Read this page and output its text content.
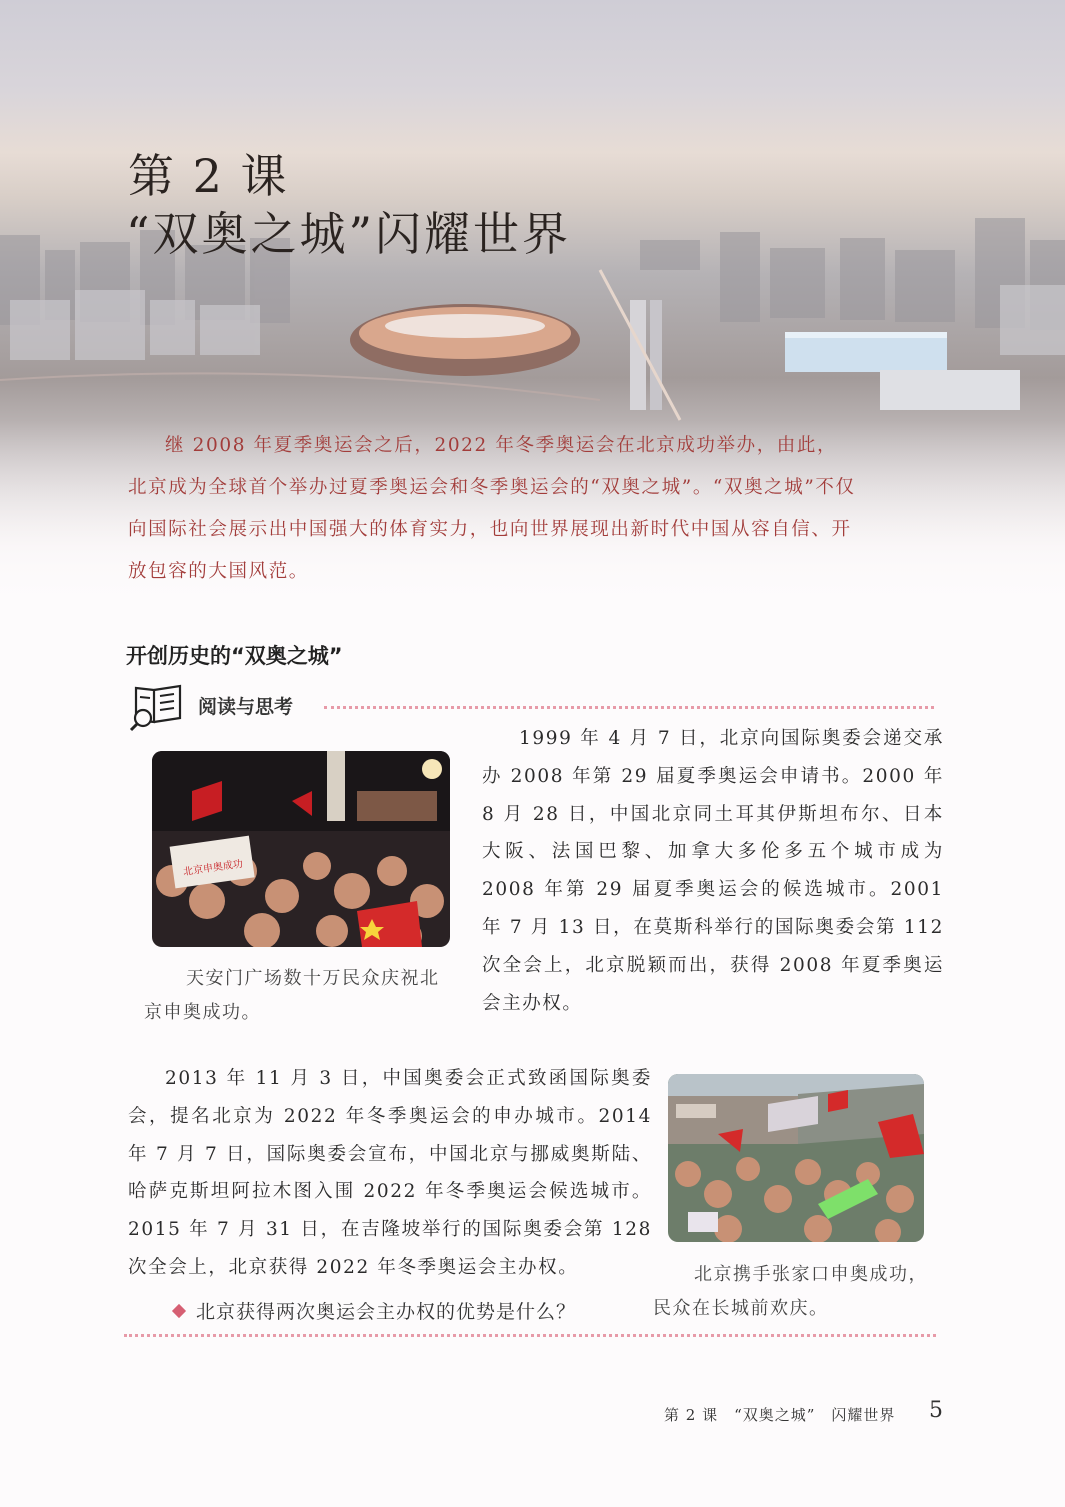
第 2 课
“双奥之城”闪耀世界
继 2008 年夏季奥运会之后，2022 年冬季奥运会在北京成功举办，由此，北京成为全球首个举办过夏季奥运会和冬季奥运会的“双奥之城”。“双奥之城”不仅向国际社会展示出中国强大的体育实力，也向世界展现出新时代中国从容自信、开放包容的大国风范。
开创历史的“双奥之城”
阅读与思考
北京申奥成功
天安门广场数十万民众庆祝北
京申奥成功。
1999 年 4 月 7 日，北京向国际奥委会递交承办 2008 年第 29 届夏季奥运会申请书。2000 年 8 月 28 日，中国北京同土耳其伊斯坦布尔、日本大阪、法国巴黎、加拿大多伦多五个城市成为 2008 年第 29 届夏季奥运会的候选城市。2001 年 7 月 13 日，在莫斯科举行的国际奥委会第 112 次全会上，北京脱颖而出，获得 2008 年夏季奥运会主办权。
2013 年 11 月 3 日，中国奥委会正式致函国际奥委会，提名北京为 2022 年冬季奥运会的申办城市。2014 年 7 月 7 日，国际奥委会宣布，中国北京与挪威奥斯陆、哈萨克斯坦阿拉木图入围 2022 年冬季奥运会候选城市。2015 年 7 月 31 日，在吉隆坡举行的国际奥委会第 128 次全会上，北京获得 2022 年冬季奥运会主办权。	北京携手张家口申奥成功，
民众在长城前欢庆。
北京获得两次奥运会主办权的优势是什么？
第 2 课　“双奥之城”　闪耀世界 5
